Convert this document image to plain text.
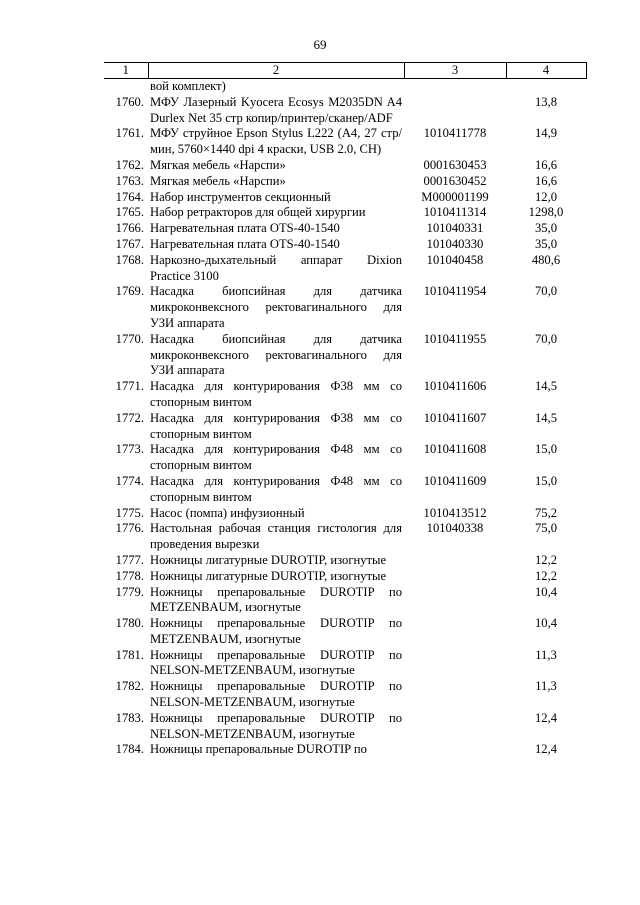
69
1	2	3	4
	вой комплект)		
1760.	МФУ Лазерный Kyocera Ecosys M2035DN A4 Durlex Net 35 стр копир/принтер/сканер/ADF		13,8
1761.	МФУ струйное Epson Stylus L222 (А4, 27 стр/мин, 5760×1440 dpi 4 краски, USB 2.0, CH)	1010411778	14,9
1762.	Мягкая мебель «Нарспи»	0001630453	16,6
1763.	Мягкая мебель «Нарспи»	0001630452	16,6
1764.	Набор инструментов секционный	М000001199	12,0
1765.	Набор ретракторов для общей хирургии	1010411314	1298,0
1766.	Нагревательная плата OTS-40-1540	101040331	35,0
1767.	Нагревательная плата OTS-40-1540	101040330	35,0
1768.	Наркозно-дыхательный аппарат Dixion Practice 3100	101040458	480,6
1769.	Насадка биопсийная для датчика микроконвексного ректовагинального для УЗИ аппарата	1010411954	70,0
1770.	Насадка биопсийная для датчика микроконвексного ректовагинального для УЗИ аппарата	1010411955	70,0
1771.	Насадка для контурирования Ф38 мм со стопорным винтом	1010411606	14,5
1772.	Насадка для контурирования Ф38 мм со стопорным винтом	1010411607	14,5
1773.	Насадка для контурирования Ф48 мм со стопорным винтом	1010411608	15,0
1774.	Насадка для контурирования Ф48 мм со стопорным винтом	1010411609	15,0
1775.	Насос (помпа) инфузионный	1010413512	75,2
1776.	Настольная рабочая станция гистология для проведения вырезки	101040338	75,0
1777.	Ножницы лигатурные DUROTIP, изогнутые		12,2
1778.	Ножницы лигатурные DUROTIP, изогнутые		12,2
1779.	Ножницы препаровальные DUROTIP по METZENBAUM, изогнутые		10,4
1780.	Ножницы препаровальные DUROTIP по METZENBAUM, изогнутые		10,4
1781.	Ножницы препаровальные DUROTIP по NELSON-METZENBAUM, изогнутые		11,3
1782.	Ножницы препаровальные DUROTIP по NELSON-METZENBAUM, изогнутые		11,3
1783.	Ножницы препаровальные DUROTIP по NELSON-METZENBAUM, изогнутые		12,4
1784.	Ножницы препаровальные DUROTIP по		12,4
